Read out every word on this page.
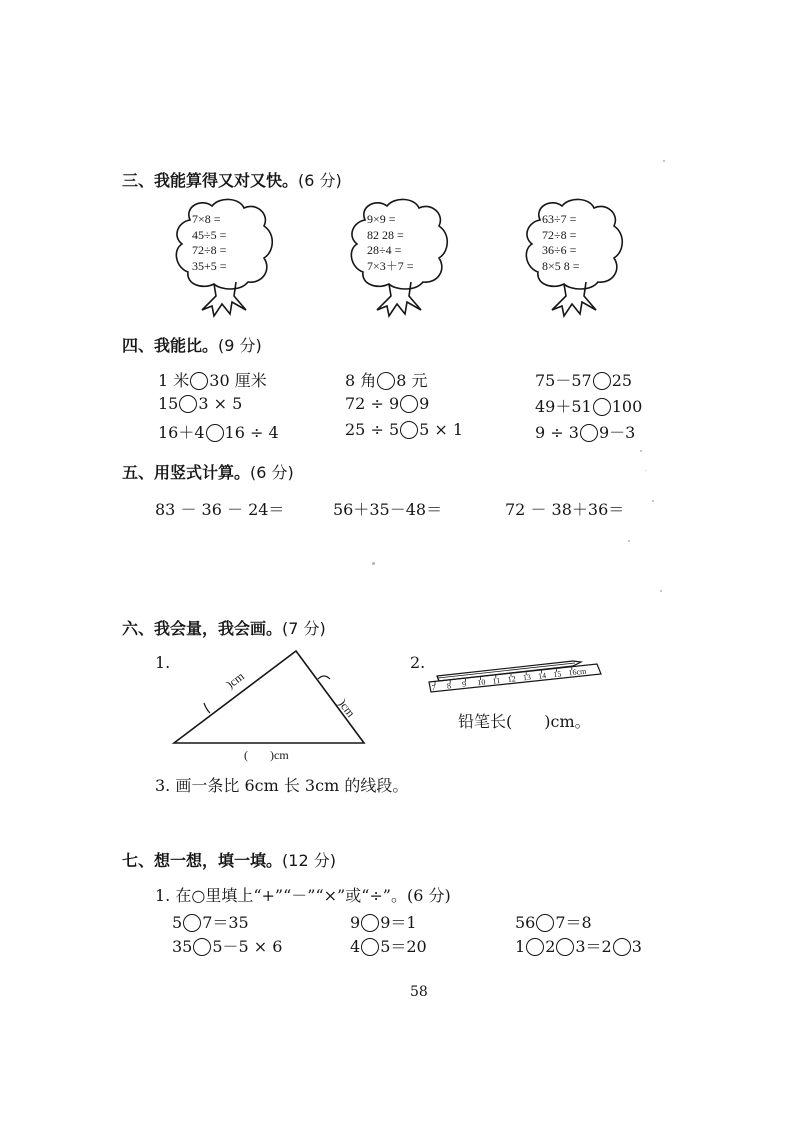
三、我能算得又对又快。(6 分)
7×8 =
45÷5 =
72÷8 =
35+5 =
9×9 =
82 28 =
28÷4 =
7×3＋7 =
63÷7 =
72÷8 =
36÷6 =
8×5 8 =
四、我能比。(9 分)
1 米 30 厘米	8 角 8 元	75－57 25
15 3 × 5	72 ÷ 9 9	49＋51 100
16＋4 16 ÷ 4	25 ÷ 5 5 × 1	9 ÷ 3 9－3
五、用竖式计算。(6 分)
83 － 36 － 24＝	56＋35－48＝	72 － 38＋36＝
六、我会量，我会画。(7 分)
1.
)cm
)cm
( )cm
2.
7 8 9 10 11 12 13 14 15 16cm
铅笔长(　　)cm。
3. 画一条比 6cm 长 3cm 的线段。
七、想一想，填一填。(12 分)
1. 在○里填上“+”“－”“×”或“÷”。(6 分)
5 7＝35	9 9＝1	56 7＝8
35 5－5 × 6	4 5＝20	1 2 3＝2 3
58
